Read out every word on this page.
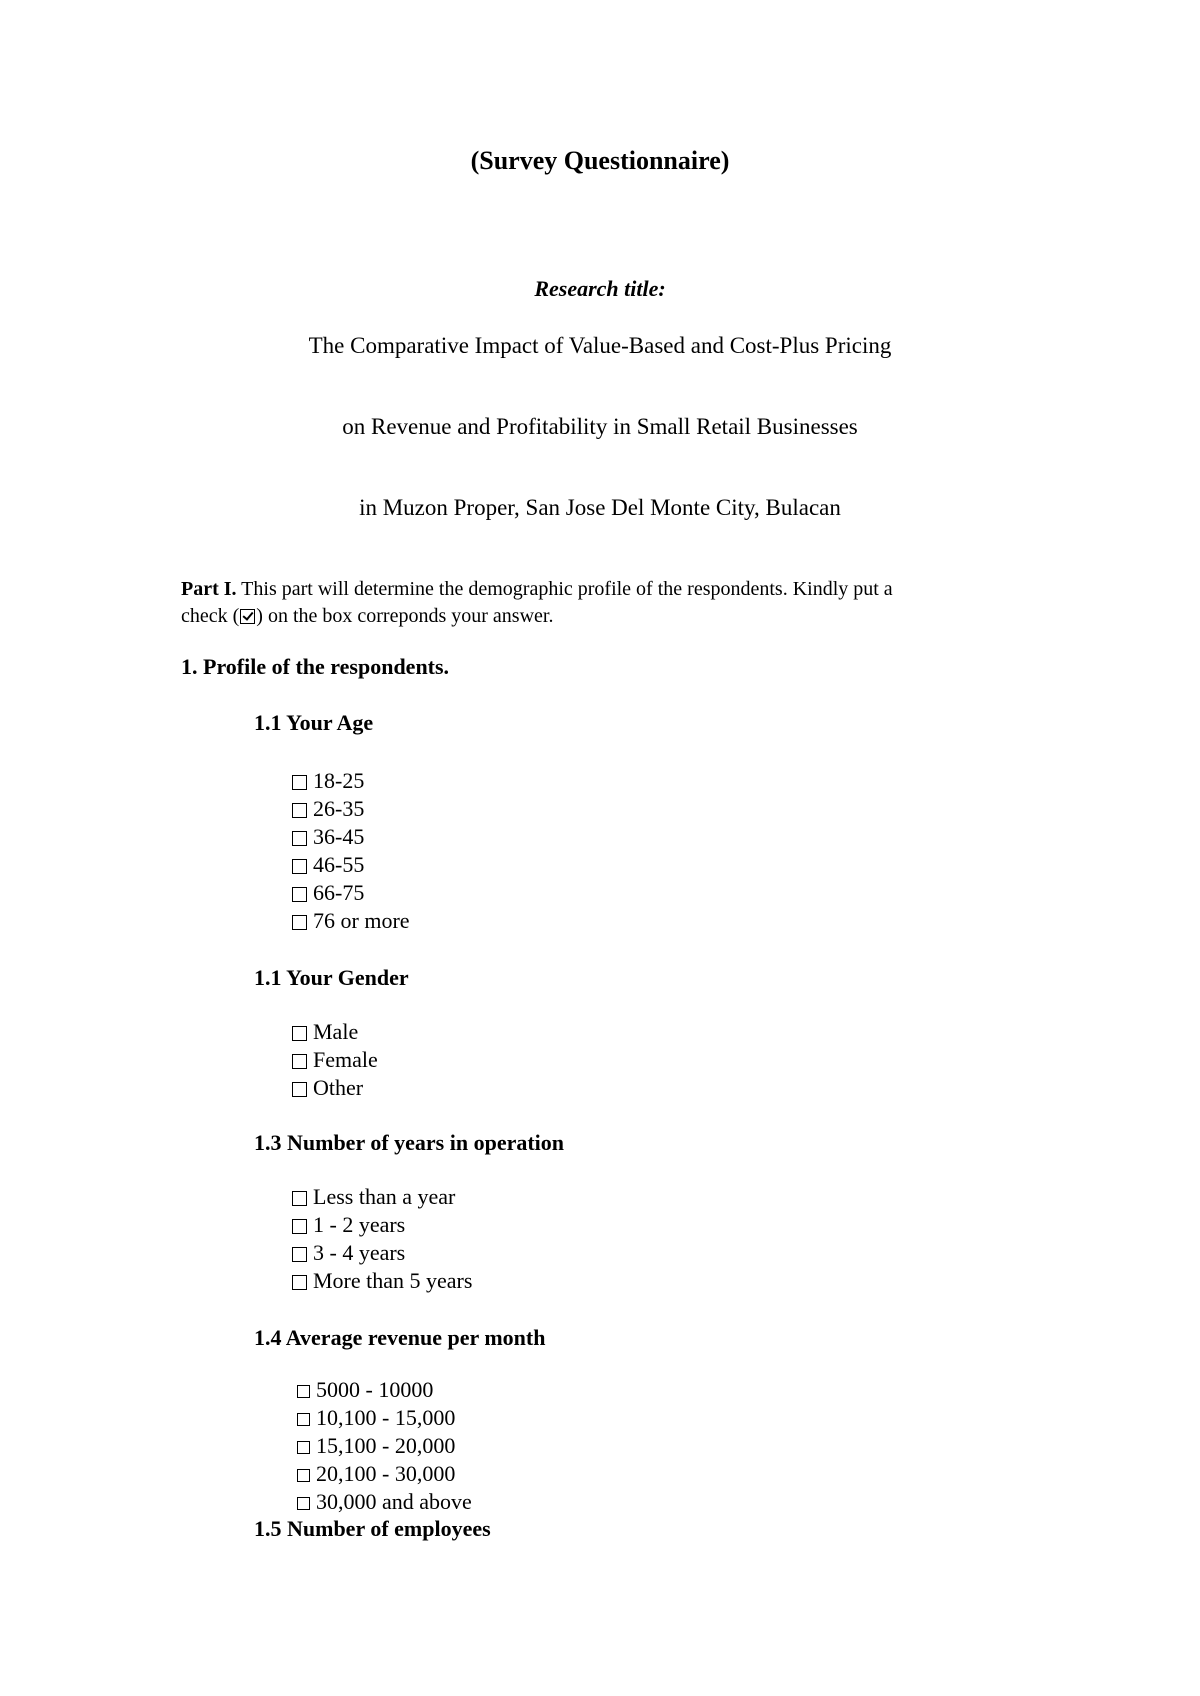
(Survey Questionnaire)
Research title:
The Comparative Impact of Value-Based and Cost-Plus Pricing
on Revenue and Profitability in Small Retail Businesses
in Muzon Proper, San Jose Del Monte City, Bulacan
Part I. This part will determine the demographic profile of the respondents. Kindly put a
check ( ) on the box correponds your answer.
1. Profile of the respondents.
1.1 Your Age
18-25
26-35
36-45
46-55
66-75
76 or more
1.1 Your Gender
Male
Female
Other
1.3 Number of years in operation
Less than a year
1 - 2 years
3 - 4 years
More than 5 years
1.4 Average revenue per month
5000 - 10000
10,100 - 15,000
15,100 - 20,000
20,100 - 30,000
30,000 and above
1.5 Number of employees
